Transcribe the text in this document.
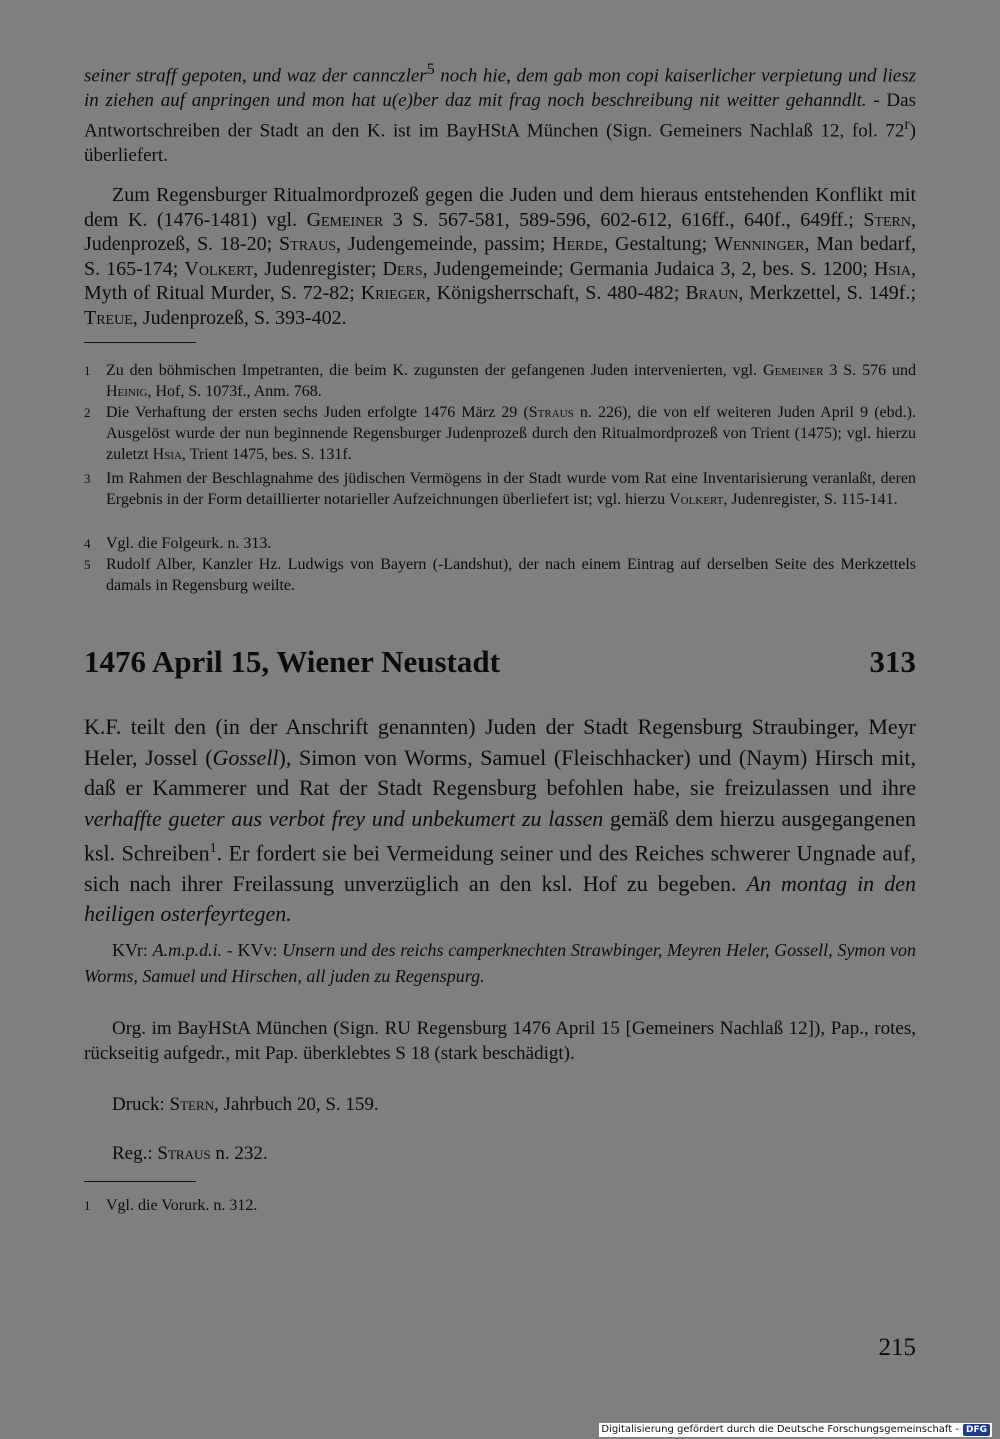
seiner straff gepoten, und waz der cannczler$^5$ noch hie, dem gab mon copi kaiserlicher verpietung und liesz in ziehen auf anpringen und mon hat u(e)ber daz mit frag noch beschreibung nit weitter gehanndlt. - Das Antwortschreiben der Stadt an den K. ist im BayHStA München (Sign. Gemeiners Nachlaß 12, fol. 72$^r$) überliefert.

Zum Regensburger Ritualmordprozeß gegen die Juden und dem hieraus entstehenden Konflikt mit dem K. (1476-1481) vgl. Gemeiner 3 S. 567-581, 589-596, 602-612, 616ff., 640f., 649ff.; Stern, Judenprozeß, S. 18-20; Straus, Judengemeinde, passim; Herde, Gestaltung; Wenninger, Man bedarf, S. 165-174; Volkert, Judenregister; Ders, Judengemeinde; Germania Judaica 3, 2, bes. S. 1200; Hsia, Myth of Ritual Murder, S. 72-82; Krieger, Königsherrschaft, S. 480-482; Braun, Merkzettel, S. 149f.; Treue, Judenprozeß, S. 393-402.

1 Zu den böhmischen Impetranten, die beim K. zugunsten der gefangenen Juden intervenierten, vgl. Gemeiner 3 S. 576 und Heinig, Hof, S. 1073f., Anm. 768.
2 Die Verhaftung der ersten sechs Juden erfolgte 1476 März 29 (Straus n. 226), die von elf weiteren Juden April 9 (ebd.). Ausgelöst wurde der nun beginnende Regensburger Judenprozeß durch den Ritualmordprozeß von Trient (1475); vgl. hierzu zuletzt Hsia, Trient 1475, bes. S. 131f.
3 Im Rahmen der Beschlagnahme des jüdischen Vermögens in der Stadt wurde vom Rat eine Inventarisierung veranlaßt, deren Ergebnis in der Form detaillierter notarieller Aufzeichnungen überliefert ist; vgl. hierzu Volkert, Judenregister, S. 115-141.
4 Vgl. die Folgeurk. n. 313.
5 Rudolf Alber, Kanzler Hz. Ludwigs von Bayern (-Landshut), der nach einem Eintrag auf derselben Seite des Merkzettels damals in Regensburg weilte.
1476 April 15, Wiener Neustadt	313

K.F. teilt den (in der Anschrift genannten) Juden der Stadt Regensburg Straubinger, Meyr Heler, Jossel (Gossell), Simon von Worms, Samuel (Fleischhacker) und (Naym) Hirsch mit, daß er Kammerer und Rat der Stadt Regensburg befohlen habe, sie freizulassen und ihre verhaffte gueter aus verbot frey und unbekumert zu lassen gemäß dem hierzu ausgegangenen ksl. Schreiben$^1$. Er fordert sie bei Vermeidung seiner und des Reiches schwerer Ungnade auf, sich nach ihrer Freilassung unverzüglich an den ksl. Hof zu begeben. An montag in den heiligen osterfeyrtegen.

KVr: A.m.p.d.i. - KVv: Unsern und des reichs camperknechten Strawbinger, Meyren Heler, Gossell, Symon von Worms, Samuel und Hirschen, all juden zu Regenspurg.

Org. im BayHStA München (Sign. RU Regensburg 1476 April 15 [Gemeiners Nachlaß 12]), Pap., rotes, rückseitig aufgedr., mit Pap. überklebtes S 18 (stark beschädigt).

Druck: Stern, Jahrbuch 20, S. 159.

Reg.: Straus n. 232.

1 Vgl. die Vorurk. n. 312.
215
Digitalisierung gefördert durch die Deutsche Forschungsgemeinschaft - DFG
